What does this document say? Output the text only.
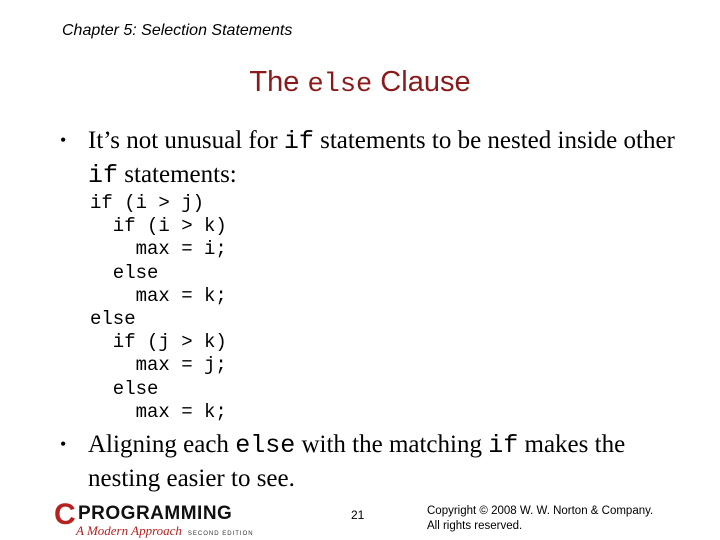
Chapter 5: Selection Statements
The else Clause
• It’s not unusual for if statements to be nested inside other if statements:
if (i > j)
if (i > k)
max = i;
else
max = k;
else
if (j > k)
max = j;
else
max = k;
• Aligning each else with the matching if makes the nesting easier to see.
C PROGRAMMING
A Modern Approach SECOND EDITION
21	Copyright © 2008 W. W. Norton & Company.
All rights reserved.
